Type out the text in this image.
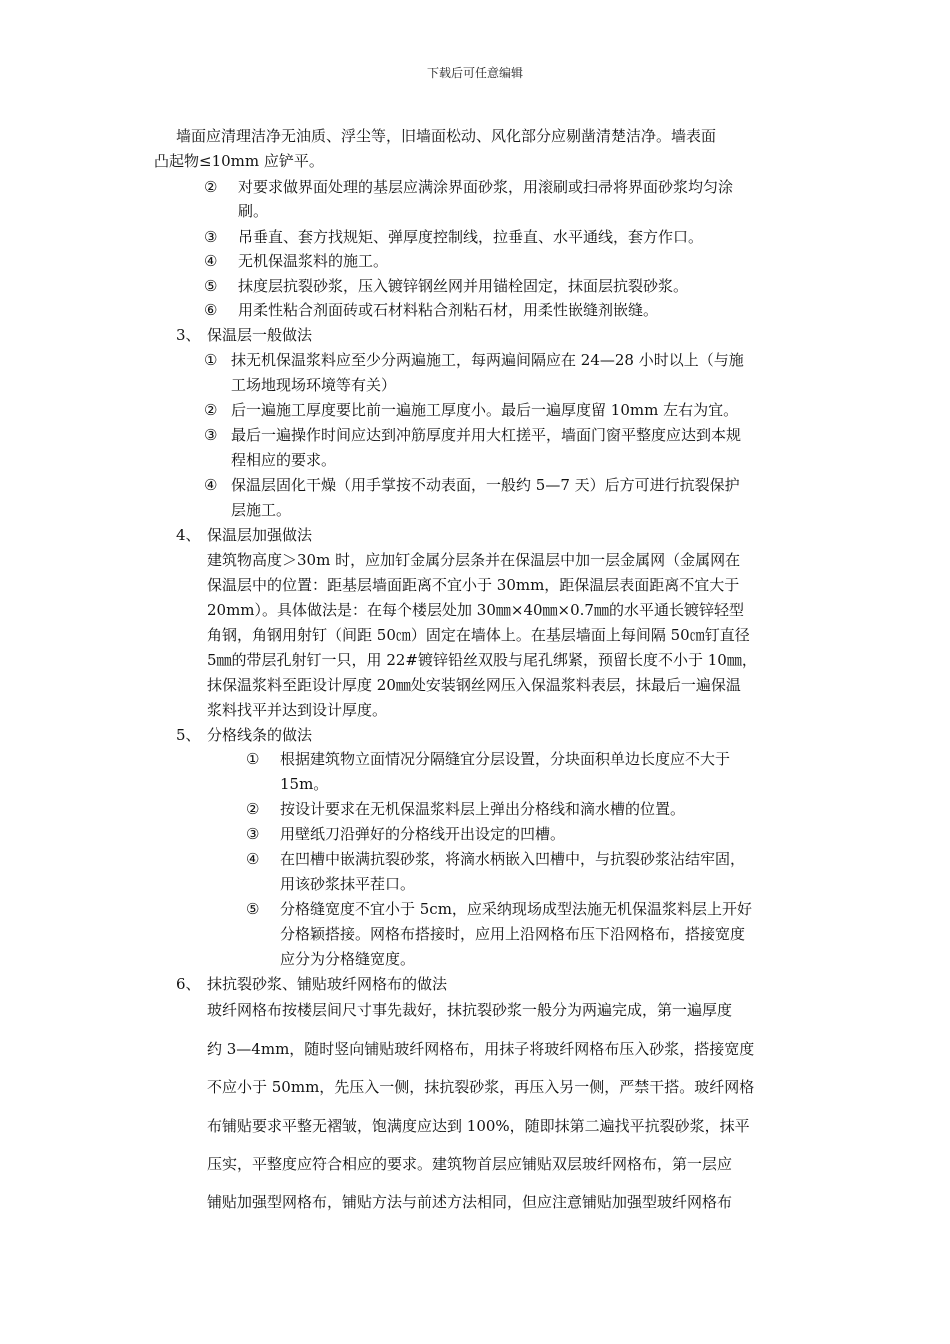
下载后可任意编辑
墙面应清理洁净无油质、浮尘等，旧墙面松动、风化部分应剔凿清楚洁净。墙表面
凸起物≤10mm 应铲平。
② 对要求做界面处理的基层应满涂界面砂浆，用滚刷或扫帚将界面砂浆均匀涂
刷。
③ 吊垂直、套方找规矩、弹厚度控制线，拉垂直、水平通线，套方作口。
④ 无机保温浆料的施工。
⑤ 抹度层抗裂砂浆，压入镀锌钢丝网并用锚栓固定，抹面层抗裂砂浆。
⑥ 用柔性粘合剂面砖或石材料粘合剂粘石材，用柔性嵌缝剂嵌缝。
3、 保温层一般做法
① 抹无机保温浆料应至少分两遍施工，每两遍间隔应在 24—28 小时以上（与施
工场地现场环境等有关）
② 后一遍施工厚度要比前一遍施工厚度小。最后一遍厚度留 10mm 左右为宜。
③ 最后一遍操作时间应达到冲筋厚度并用大杠搓平，墙面门窗平整度应达到本规
程相应的要求。
④ 保温层固化干燥（用手掌按不动表面，一般约 5—7 天）后方可进行抗裂保护
层施工。
4、 保温层加强做法
建筑物高度＞30m 时，应加钉金属分层条并在保温层中加一层金属网（金属网在
保温层中的位置：距基层墙面距离不宜小于 30mm，距保温层表面距离不宜大于
20mm）。具体做法是：在每个楼层处加 30㎜×40㎜×0.7㎜的水平通长镀锌轻型
角钢，角钢用射钉（间距 50㎝）固定在墙体上。在基层墙面上每间隔 50㎝钉直径
5㎜的带层孔射钉一只，用 22#镀锌铅丝双股与尾孔绑紧，预留长度不小于 10㎜，
抹保温浆料至距设计厚度 20㎜处安装钢丝网压入保温浆料表层，抹最后一遍保温
浆料找平并达到设计厚度。
5、 分格线条的做法
① 根据建筑物立面情况分隔缝宜分层设置，分块面积单边长度应不大于
15m。
② 按设计要求在无机保温浆料层上弹出分格线和滴水槽的位置。
③ 用壁纸刀沿弹好的分格线开出设定的凹槽。
④ 在凹槽中嵌满抗裂砂浆，将滴水柄嵌入凹槽中，与抗裂砂浆沾结牢固，
用该砂浆抹平茬口。
⑤ 分格缝宽度不宜小于 5cm，应采纳现场成型法施无机保温浆料层上开好
分格颖搭接。网格布搭接时，应用上沿网格布压下沿网格布，搭接宽度
应分为分格缝宽度。
6、 抹抗裂砂浆、铺贴玻纤网格布的做法
玻纤网格布按楼层间尺寸事先裁好，抹抗裂砂浆一般分为两遍完成，第一遍厚度
约 3—4mm，随时竖向铺贴玻纤网格布，用抹子将玻纤网格布压入砂浆，搭接宽度
不应小于 50mm，先压入一侧，抹抗裂砂浆，再压入另一侧，严禁干搭。玻纤网格
布铺贴要求平整无褶皱，饱满度应达到 100%，随即抹第二遍找平抗裂砂浆，抹平
压实，平整度应符合相应的要求。建筑物首层应铺贴双层玻纤网格布，第一层应
铺贴加强型网格布，铺贴方法与前述方法相同，但应注意铺贴加强型玻纤网格布
